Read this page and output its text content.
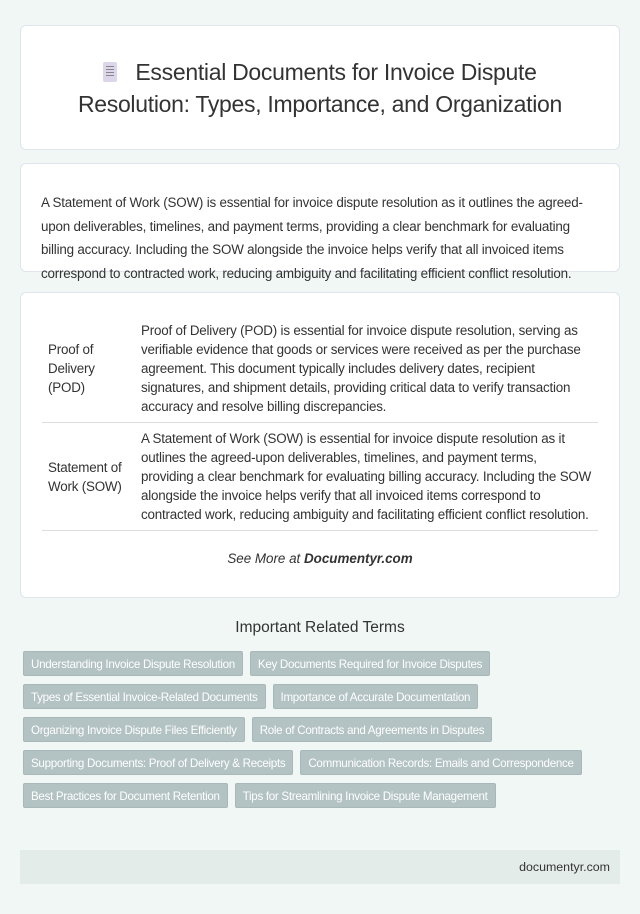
Essential Documents for Invoice Dispute Resolution: Types, Importance, and Organization

A Statement of Work (SOW) is essential for invoice dispute resolution as it outlines the agreed-upon deliverables, timelines, and payment terms, providing a clear benchmark for evaluating billing accuracy. Including the SOW alongside the invoice helps verify that all invoiced items correspond to contracted work, reducing ambiguity and facilitating efficient conflict resolution.

Proof of Delivery (POD)	Proof of Delivery (POD) is essential for invoice dispute resolution, serving as verifiable evidence that goods or services were received as per the purchase agreement. This document typically includes delivery dates, recipient signatures, and shipment details, providing critical data to verify transaction accuracy and resolve billing discrepancies.
Statement of Work (SOW)	A Statement of Work (SOW) is essential for invoice dispute resolution as it outlines the agreed-upon deliverables, timelines, and payment terms, providing a clear benchmark for evaluating billing accuracy. Including the SOW alongside the invoice helps verify that all invoiced items correspond to contracted work, reducing ambiguity and facilitating efficient conflict resolution.
See More at Documentyr.com
Important Related Terms
Understanding Invoice Dispute Resolution	Key Documents Required for Invoice Disputes
Types of Essential Invoice-Related Documents	Importance of Accurate Documentation
Organizing Invoice Dispute Files Efficiently	Role of Contracts and Agreements in Disputes
Supporting Documents: Proof of Delivery & Receipts	Communication Records: Emails and Correspondence
Best Practices for Document Retention	Tips for Streamlining Invoice Dispute Management
documentyr.com
